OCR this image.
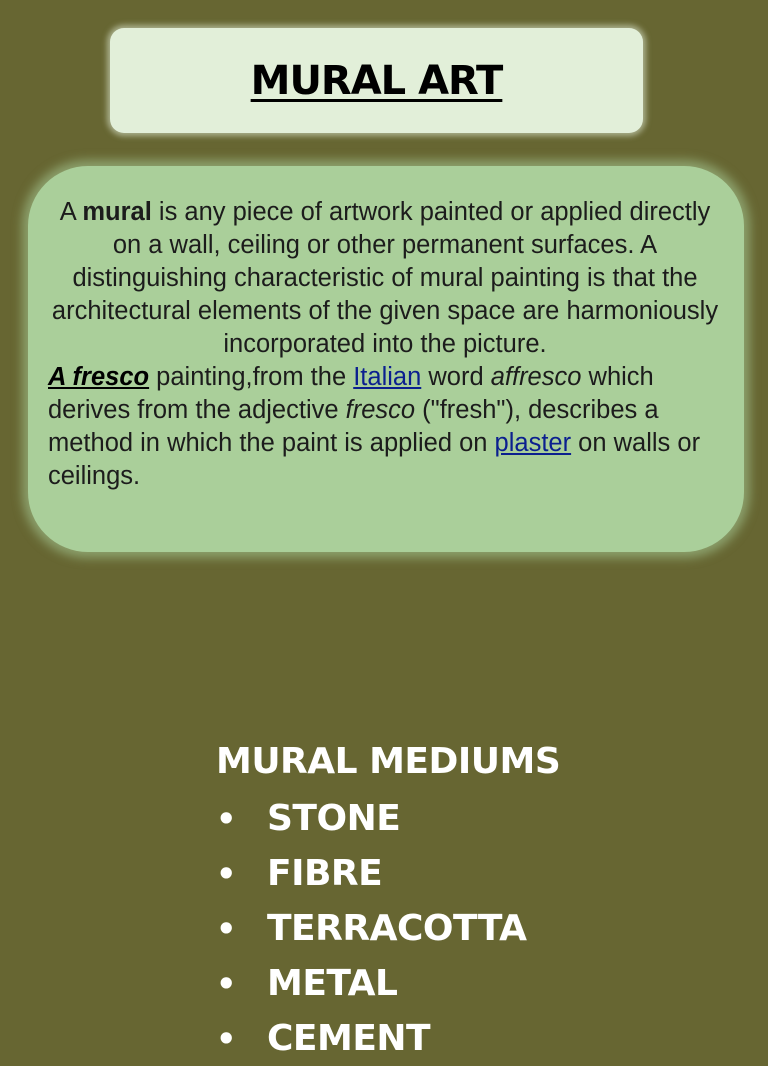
MURAL ART
A mural is any piece of artwork painted or applied directly on a wall, ceiling or other permanent surfaces. A distinguishing characteristic of mural painting is that the architectural elements of the given space are harmoniously incorporated into the picture.
A fresco painting,from the Italian word affresco which derives from the adjective fresco ("fresh"), describes a method in which the paint is applied on plaster on walls or ceilings.
MURAL MEDIUMS
• STONE
• FIBRE
• TERRACOTTA
• METAL
• CEMENT
